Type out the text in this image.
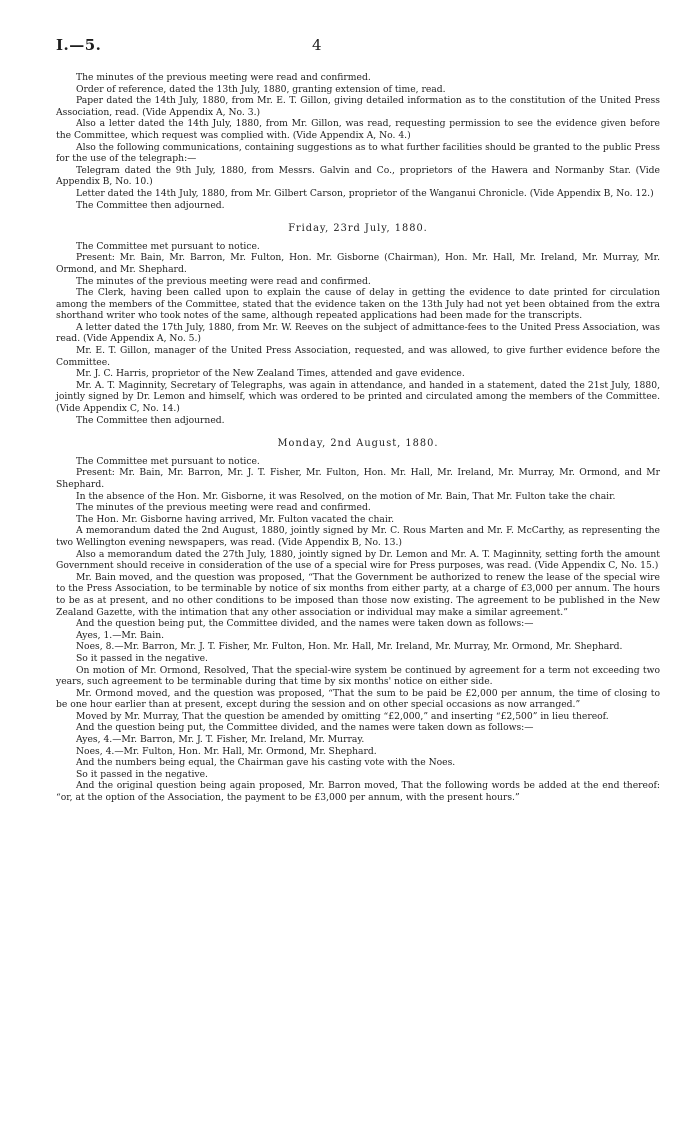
I.—5.	4

The minutes of the previous meeting were read and confirmed.

Order of reference, dated the 13th July, 1880, granting extension of time, read.

Paper dated the 14th July, 1880, from Mr. E. T. Gillon, giving detailed information as to the constitution of the United Press Association, read. (Vide Appendix A, No. 3.)

Also a letter dated the 14th July, 1880, from Mr. Gillon, was read, requesting permission to see the evidence given before the Committee, which request was complied with. (Vide Appendix A, No. 4.)

Also the following communications, containing suggestions as to what further facilities should be granted to the public Press for the use of the telegraph:—

Telegram dated the 9th July, 1880, from Messrs. Galvin and Co., proprietors of the Hawera and Normanby Star. (Vide Appendix B, No. 10.)

Letter dated the 14th July, 1880, from Mr. Gilbert Carson, proprietor of the Wanganui Chronicle. (Vide Appendix B, No. 12.)

The Committee then adjourned.

Friday, 23rd July, 1880.

The Committee met pursuant to notice.

Present: Mr. Bain, Mr. Barron, Mr. Fulton, Hon. Mr. Gisborne (Chairman), Hon. Mr. Hall, Mr. Ireland, Mr. Murray, Mr. Ormond, and Mr. Shephard.

The minutes of the previous meeting were read and confirmed.

The Clerk, having been called upon to explain the cause of delay in getting the evidence to date printed for circulation among the members of the Committee, stated that the evidence taken on the 13th July had not yet been obtained from the extra shorthand writer who took notes of the same, although repeated applications had been made for the transcripts.

A letter dated the 17th July, 1880, from Mr. W. Reeves on the subject of admittance-fees to the United Press Association, was read. (Vide Appendix A, No. 5.)

Mr. E. T. Gillon, manager of the United Press Association, requested, and was allowed, to give further evidence before the Committee.

Mr. J. C. Harris, proprietor of the New Zealand Times, attended and gave evidence.

Mr. A. T. Maginnity, Secretary of Telegraphs, was again in attendance, and handed in a statement, dated the 21st July, 1880, jointly signed by Dr. Lemon and himself, which was ordered to be printed and circulated among the members of the Committee. (Vide Appendix C, No. 14.)

The Committee then adjourned.

Monday, 2nd August, 1880.

The Committee met pursuant to notice.

Present: Mr. Bain, Mr. Barron, Mr. J. T. Fisher, Mr. Fulton, Hon. Mr. Hall, Mr. Ireland, Mr. Murray, Mr. Ormond, and Mr Shephard.

In the absence of the Hon. Mr. Gisborne, it was Resolved, on the motion of Mr. Bain, That Mr. Fulton take the chair.

The minutes of the previous meeting were read and confirmed.

The Hon. Mr. Gisborne having arrived, Mr. Fulton vacated the chair.

A memorandum dated the 2nd August, 1880, jointly signed by Mr. C. Rous Marten and Mr. F. McCarthy, as representing the two Wellington evening newspapers, was read. (Vide Appendix B, No. 13.)

Also a memorandum dated the 27th July, 1880, jointly signed by Dr. Lemon and Mr. A. T. Maginnity, setting forth the amount Government should receive in consideration of the use of a special wire for Press purposes, was read. (Vide Appendix C, No. 15.)

Mr. Bain moved, and the question was proposed, “That the Government be authorized to renew the lease of the special wire to the Press Association, to be terminable by notice of six months from either party, at a charge of £3,000 per annum. The hours to be as at present, and no other conditions to be imposed than those now existing. The agreement to be published in the New Zealand Gazette, with the intimation that any other association or individual may make a similar agreement.”

And the question being put, the Committee divided, and the names were taken down as follows:—

Ayes, 1.—Mr. Bain.

Noes, 8.—Mr. Barron, Mr. J. T. Fisher, Mr. Fulton, Hon. Mr. Hall, Mr. Ireland, Mr. Murray, Mr. Ormond, Mr. Shephard.

So it passed in the negative.

On motion of Mr. Ormond, Resolved, That the special-wire system be continued by agreement for a term not exceeding two years, such agreement to be terminable during that time by six months' notice on either side.

Mr. Ormond moved, and the question was proposed, “That the sum to be paid be £2,000 per annum, the time of closing to be one hour earlier than at present, except during the session and on other special occasions as now arranged.”

Moved by Mr. Murray, That the question be amended by omitting “£2,000,” and inserting “£2,500” in lieu thereof.

And the question being put, the Committee divided, and the names were taken down as follows:—

Ayes, 4.—Mr. Barron, Mr. J. T. Fisher, Mr. Ireland, Mr. Murray.

Noes, 4.—Mr. Fulton, Hon. Mr. Hall, Mr. Ormond, Mr. Shephard.

And the numbers being equal, the Chairman gave his casting vote with the Noes.

So it passed in the negative.

And the original question being again proposed, Mr. Barron moved, That the following words be added at the end thereof: “or, at the option of the Association, the payment to be £3,000 per annum, with the present hours.”
